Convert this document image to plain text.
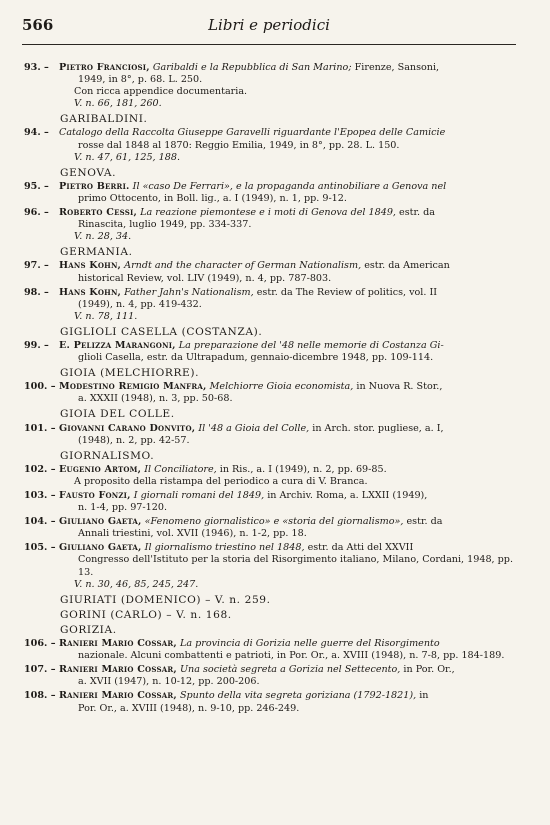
566	Libri e periodici
93. –	Pietro Franciosi, Garibaldi e la Repubblica di San Marino; Firenze, Sansoni,
1949, in 8°, p. 68. L. 250.
Con ricca appendice documentaria.
V. n. 66, 181, 260.
GARIBALDINI.
94. –	Catalogo della Raccolta Giuseppe Garavelli riguardante l'Epopea delle Camicie
rosse dal 1848 al 1870: Reggio Emilia, 1949, in 8°, pp. 28. L. 150.
V. n. 47, 61, 125, 188.
GENOVA.
95. –	Pietro Berri. Il «caso De Ferrari», e la propaganda antinobiliare a Genova nel
primo Ottocento, in Boll. lig., a. I (1949), n. 1, pp. 9-12.
96. –	Roberto Cessi, La reazione piemontese e i moti di Genova del 1849, estr. da
Rinascita, luglio 1949, pp. 334-337.
V. n. 28, 34.
GERMANIA.
97. –	Hans Kohn, Arndt and the character of German Nationalism, estr. da American
historical Review, vol. LIV (1949), n. 4, pp. 787-803.
98. –	Hans Kohn, Father Jahn's Nationalism, estr. da The Review of politics, vol. II
(1949), n. 4, pp. 419-432.
V. n. 78, 111.
GIGLIOLI CASELLA (COSTANZA).
99. –	E. Pelizza Marangoni, La preparazione del '48 nelle memorie di Costanza Gi-
glioli Casella, estr. da Ultrapadum, gennaio-dicembre 1948, pp. 109-114.
GIOIA (MELCHIORRE).
100. – Modestino Remigio Manfra, Melchiorre Gioia economista, in Nuova R. Stor.,
a. XXXII (1948), n. 3, pp. 50-68.
GIOIA DEL COLLE.
101. – Giovanni Carano Donvito, Il '48 a Gioia del Colle, in Arch. stor. pugliese, a. I,
(1948), n. 2, pp. 42-57.
GIORNALISMO.
102. – Eugenio Artom, Il Conciliatore, in Ris., a. I (1949), n. 2, pp. 69-85.
A proposito della ristampa del periodico a cura di V. Branca.
103. – Fausto Fonzi, I giornali romani del 1849, in Archiv. Roma, a. LXXII (1949),
n. 1-4, pp. 97-120.
104. – Giuliano Gaeta, «Fenomeno giornalistico» e «storia del giornalismo», estr. da
Annali triestini, vol. XVII (1946), n. 1-2, pp. 18.
105. – Giuliano Gaeta, Il giornalismo triestino nel 1848, estr. da Atti del XXVII
Congresso dell'Istituto per la storia del Risorgimento italiano, Milano, Cordani, 1948, pp. 13.
V. n. 30, 46, 85, 245, 247.
GIURIATI (DOMENICO) – V. n. 259.
GORINI (CARLO) – V. n. 168.
GORIZIA.
106. – Ranieri Mario Cossar, La provincia di Gorizia nelle guerre del Risorgimento
nazionale. Alcuni combattenti e patrioti, in Por. Or., a. XVIII (1948), n. 7-8, pp. 184-189.
107. – Ranieri Mario Cossar, Una società segreta a Gorizia nel Settecento, in Por. Or.,
a. XVII (1947), n. 10-12, pp. 200-206.
108. – Ranieri Mario Cossar, Spunto della vita segreta goriziana (1792-1821), in
Por. Or., a. XVIII (1948), n. 9-10, pp. 246-249.
